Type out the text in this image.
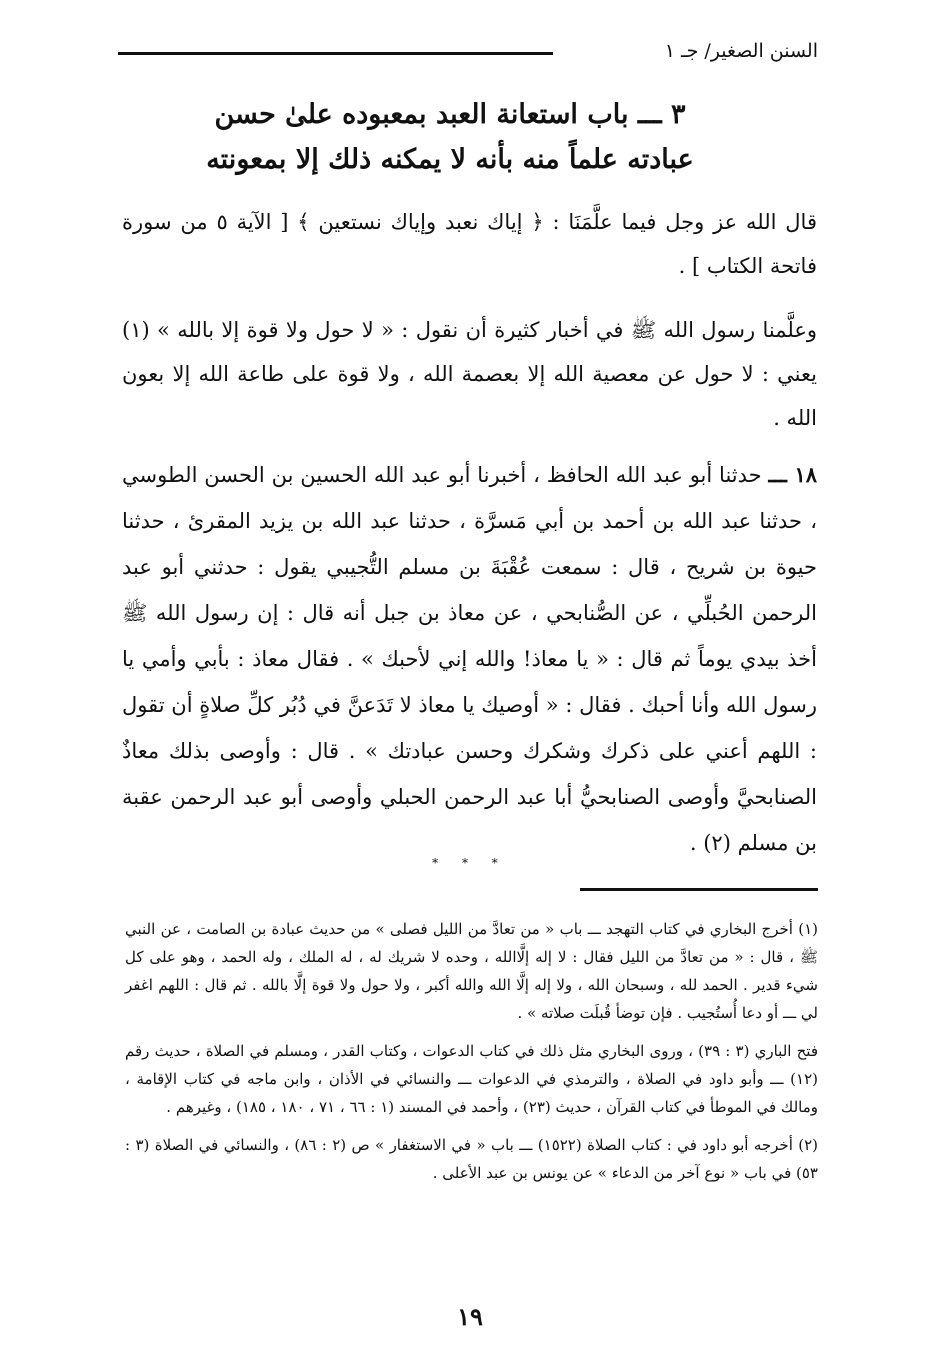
السنن الصغير/ جـ ١
٣ ـــ باب استعانة العبد بمعبوده علىٰ حسن
عبادته علماً منه بأنه لا يمكنه ذلك إلا بمعونته

قال الله عز وجل فيما علَّمَنَا : ﴿ إياك نعبد وإياك نستعين ﴾ [ الآية ٥ من سورة فاتحة الكتاب ] .

وعلَّمنا رسول الله ﷺ في أخبار كثيرة أن نقول : « لا حول ولا قوة إلا بالله » (١) يعني : لا حول عن معصية الله إلا بعصمة الله ، ولا قوة على طاعة الله إلا بعون الله .

١٨ ـــ حدثنا أبو عبد الله الحافظ ، أخبرنا أبو عبد الله الحسين بن الحسن الطوسي ، حدثنا عبد الله بن أحمد بن أبي مَسرَّة ، حدثنا عبد الله بن يزيد المقرئ ، حدثنا حيوة بن شريح ، قال : سمعت عُقْبَةَ بن مسلم التُّجيبي يقول : حدثني أبو عبد الرحمن الحُبلِّي ، عن الصُّنابحي ، عن معاذ بن جبل أنه قال : إن رسول الله ﷺ أخذ بيدي يوماً ثم قال : « يا معاذ! والله إني لأحبك » . فقال معاذ : بأبي وأمي يا رسول الله وأنا أحبك . فقال : « أوصيك يا معاذ لا تَدَعنَّ في دُبُر كلِّ صلاةٍ أن تقول : اللهم أعني على ذكرك وشكرك وحسن عبادتك » . قال : وأوصى بذلك معاذٌ الصنابحيَّ وأوصى الصنابحيُّ أبا عبد الرحمن الحبلي وأوصى أبو عبد الرحمن عقبة بن مسلم (٢) .

* * *

(١) أخرج البخاري في كتاب التهجد ـــ باب « من تعادَّ من الليل فصلى » من حديث عبادة بن الصامت ، عن النبي ﷺ ، قال : « من تعادَّ من الليل فقال : لا إله إلَّاالله ، وحده لا شريك له ، له الملك ، وله الحمد ، وهو على كل شيء قدير . الحمد لله ، وسبحان الله ، ولا إله إلَّا الله والله أكبر ، ولا حول ولا قوة إلَّا بالله . ثم قال : اللهم اغفر لي ـــ أو دعا أُستُجيب . فإن توضأ قُبلَت صلاته » .

فتح الباري (٣ : ٣٩) ، وروى البخاري مثل ذلك في كتاب الدعوات ، وكتاب القدر ، ومسلم في الصلاة ، حديث رقم (١٢) ـــ وأبو داود في الصلاة ، والترمذي في الدعوات ـــ والنسائي في الأذان ، وابن ماجه في كتاب الإقامة ، ومالك في الموطأ في كتاب القرآن ، حديث (٢٣) ، وأحمد في المسند (١ : ٦٦ ، ٧١ ، ١٨٠ ، ١٨٥) ، وغيرهم .

(٢) أخرجه أبو داود في : كتاب الصلاة (١٥٢٢) ـــ باب « في الاستغفار » ص (٢ : ٨٦) ، والنسائي في الصلاة (٣ : ٥٣) في باب « نوع آخر من الدعاء » عن يونس بن عبد الأعلى .

١٩
